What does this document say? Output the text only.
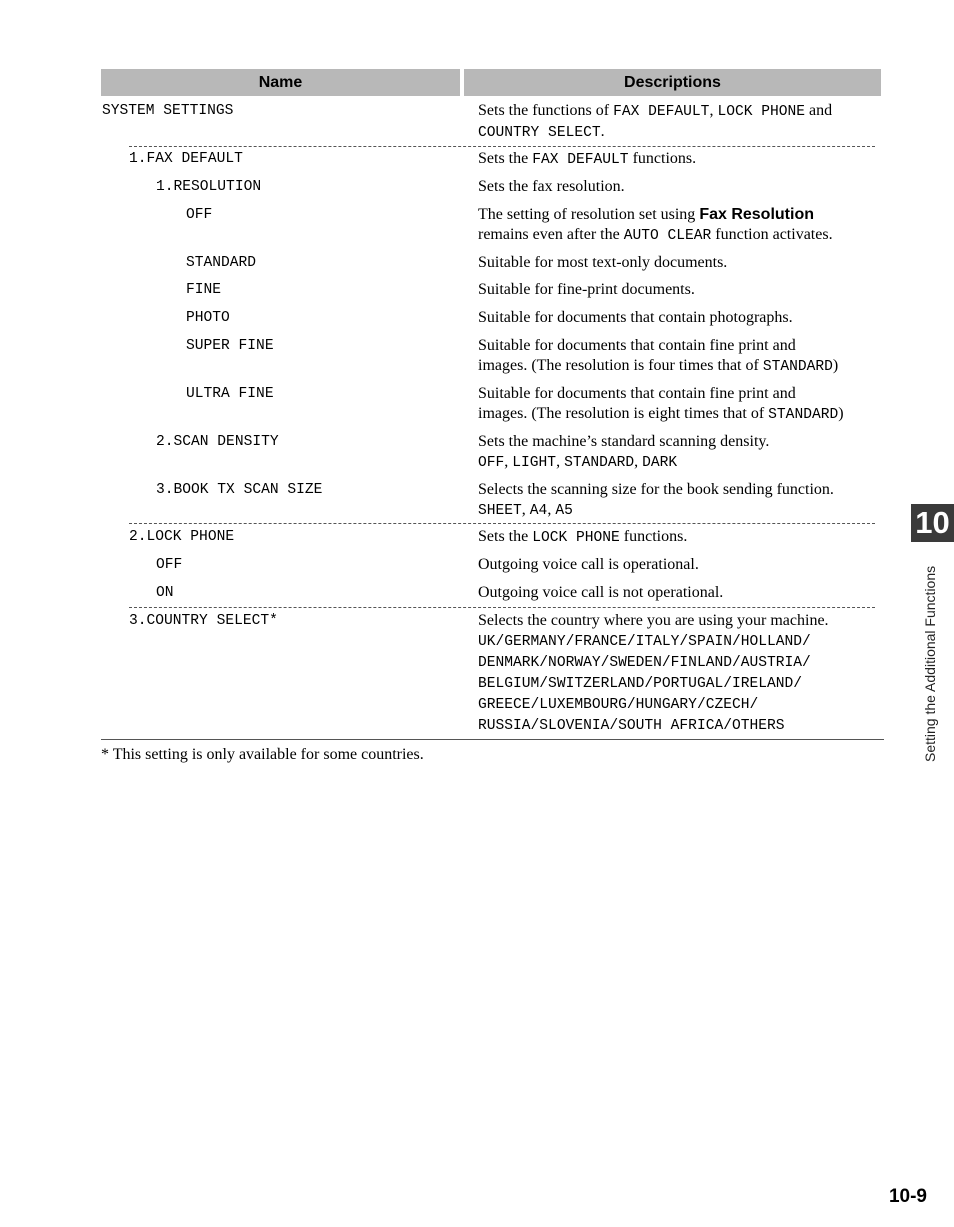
Name	Descriptions
SYSTEM SETTINGS	Sets the functions of FAX DEFAULT, LOCK PHONE and
COUNTRY SELECT.
1.FAX DEFAULT	Sets the FAX DEFAULT functions.
1.RESOLUTION	Sets the fax resolution.
OFF	The setting of resolution set using Fax Resolution
remains even after the AUTO CLEAR function activates.
STANDARD	Suitable for most text-only documents.
FINE	Suitable for fine-print documents.
PHOTO	Suitable for documents that contain photographs.
SUPER FINE	Suitable for documents that contain fine print and
images. (The resolution is four times that of STANDARD)
ULTRA FINE	Suitable for documents that contain fine print and
images. (The resolution is eight times that of STANDARD)
2.SCAN DENSITY	Sets the machine’s standard scanning density.
OFF, LIGHT, STANDARD, DARK
3.BOOK TX SCAN SIZE	Selects the scanning size for the book sending function.
SHEET, A4, A5
2.LOCK PHONE	Sets the LOCK PHONE functions.
OFF	Outgoing voice call is operational.
ON	Outgoing voice call is not operational.
3.COUNTRY SELECT*	Selects the country where you are using your machine.
UK/GERMANY/FRANCE/ITALY/SPAIN/HOLLAND/
DENMARK/NORWAY/SWEDEN/FINLAND/AUSTRIA/
BELGIUM/SWITZERLAND/PORTUGAL/IRELAND/
GREECE/LUXEMBOURG/HUNGARY/CZECH/
RUSSIA/SLOVENIA/SOUTH AFRICA/OTHERS
* This setting is only available for some countries.
10
Setting the Additional Functions
10-9
